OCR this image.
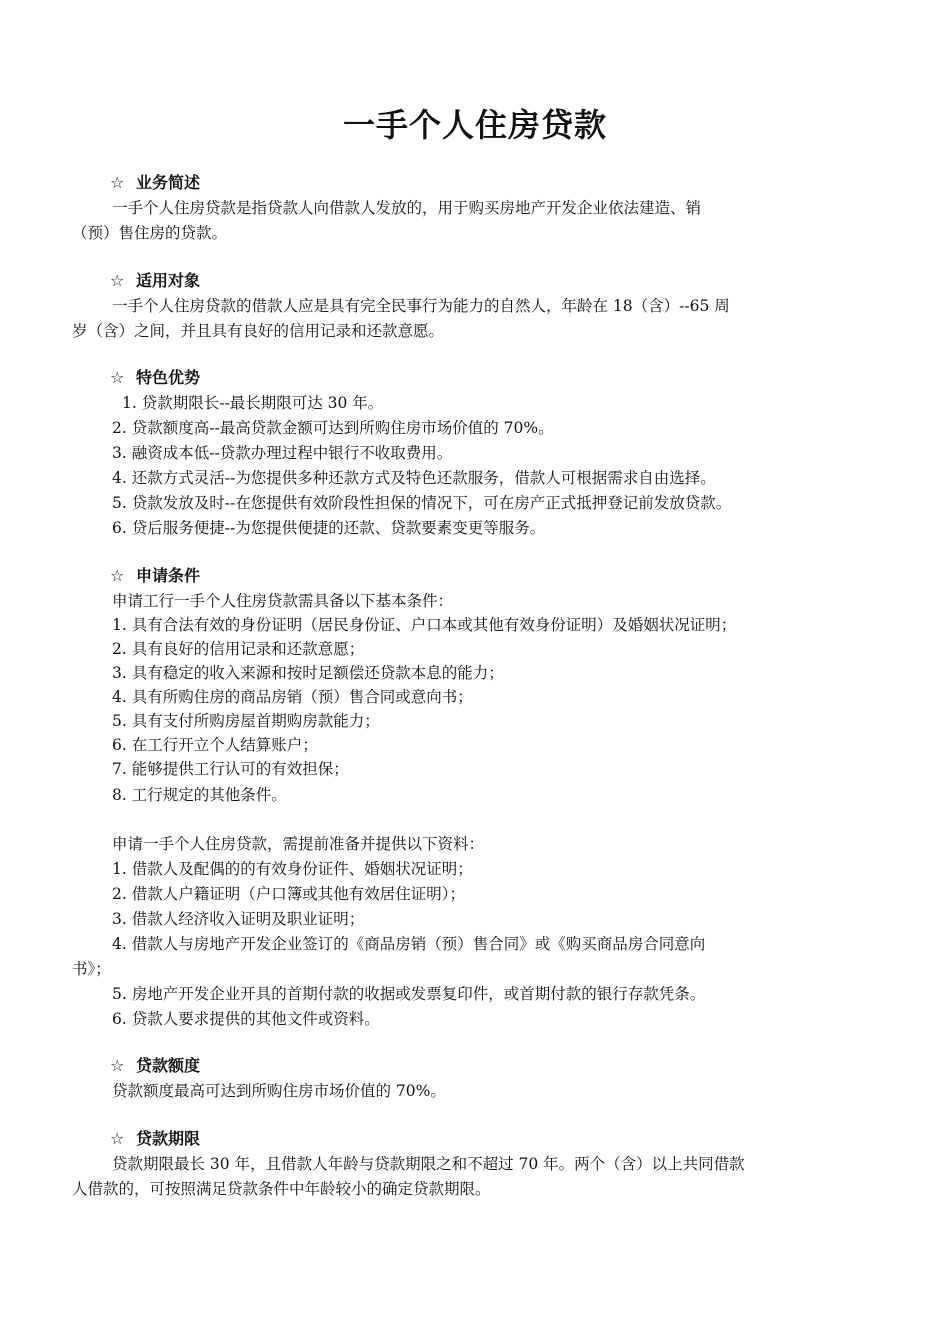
一手个人住房贷款
☆ 业务简述
一手个人住房贷款是指贷款人向借款人发放的，用于购买房地产开发企业依法建造、销
（预）售住房的贷款。
☆ 适用对象
一手个人住房贷款的借款人应是具有完全民事行为能力的自然人，年龄在 18（含）--65 周
岁（含）之间，并且具有良好的信用记录和还款意愿。
☆ 特色优势
1. 贷款期限长--最长期限可达 30 年。
2. 贷款额度高--最高贷款金额可达到所购住房市场价值的 70%。
3. 融资成本低--贷款办理过程中银行不收取费用。
4. 还款方式灵活--为您提供多种还款方式及特色还款服务，借款人可根据需求自由选择。
5. 贷款发放及时--在您提供有效阶段性担保的情况下，可在房产正式抵押登记前发放贷款。
6. 贷后服务便捷--为您提供便捷的还款、贷款要素变更等服务。
☆ 申请条件
申请工行一手个人住房贷款需具备以下基本条件：
1. 具有合法有效的身份证明（居民身份证、户口本或其他有效身份证明）及婚姻状况证明；
2. 具有良好的信用记录和还款意愿；
3. 具有稳定的收入来源和按时足额偿还贷款本息的能力；
4. 具有所购住房的商品房销（预）售合同或意向书；
5. 具有支付所购房屋首期购房款能力；
6. 在工行开立个人结算账户；
7. 能够提供工行认可的有效担保；
8. 工行规定的其他条件。
申请一手个人住房贷款，需提前准备并提供以下资料：
1. 借款人及配偶的的有效身份证件、婚姻状况证明；
2. 借款人户籍证明（户口簿或其他有效居住证明）；
3. 借款人经济收入证明及职业证明；
4. 借款人与房地产开发企业签订的《商品房销（预）售合同》或《购买商品房合同意向
书》；
5. 房地产开发企业开具的首期付款的收据或发票复印件，或首期付款的银行存款凭条。
6. 贷款人要求提供的其他文件或资料。
☆ 贷款额度
贷款额度最高可达到所购住房市场价值的 70%。
☆ 贷款期限
贷款期限最长 30 年，且借款人年龄与贷款期限之和不超过 70 年。两个（含）以上共同借款
人借款的，可按照满足贷款条件中年龄较小的确定贷款期限。
